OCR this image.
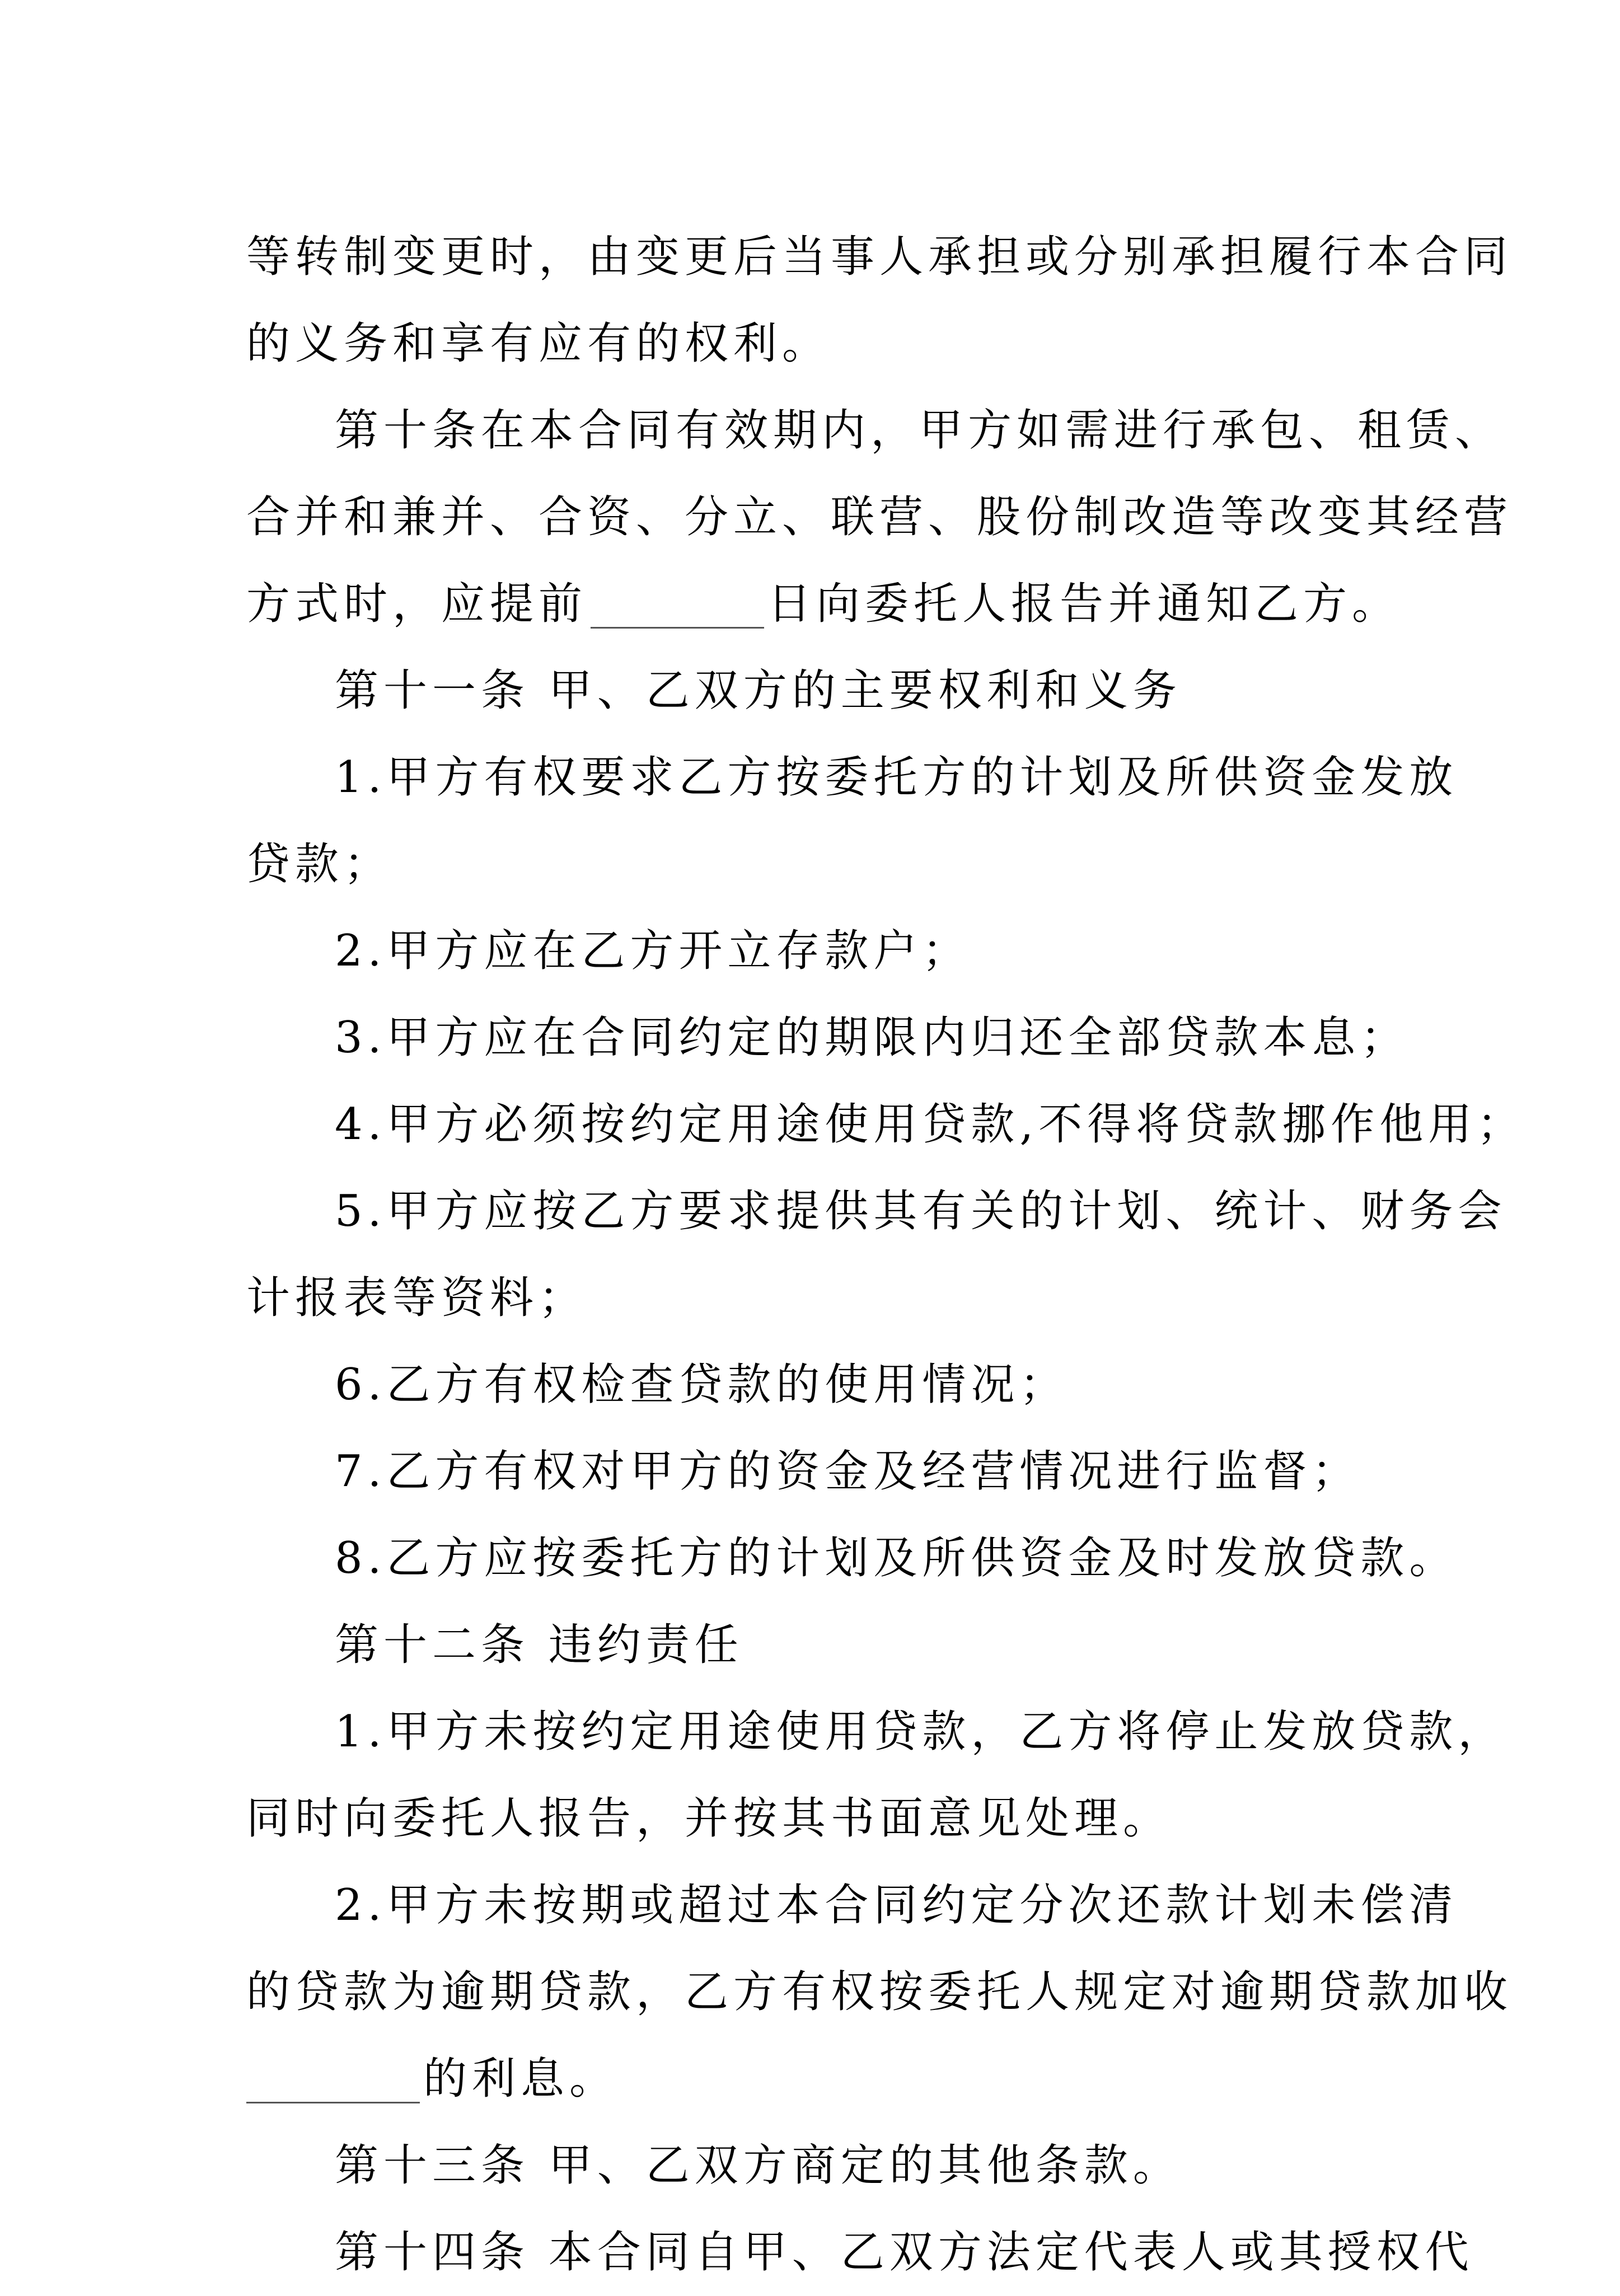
等转制变更时，由变更后当事人承担或分别承担履行本合同
的义务和享有应有的权利。
第十条在本合同有效期内，甲方如需进行承包、租赁、
合并和兼并、合资、分立、联营、股份制改造等改变其经营
方式时，应提前	日向委托人报告并通知乙方。
第十一条 甲、乙双方的主要权利和义务
1.甲方有权要求乙方按委托方的计划及所供资金发放
贷款；
2.甲方应在乙方开立存款户；
3.甲方应在合同约定的期限内归还全部贷款本息；
4.甲方必须按约定用途使用贷款,不得将贷款挪作他用；
5.甲方应按乙方要求提供其有关的计划、统计、财务会
计报表等资料；
6.乙方有权检查贷款的使用情况；
7.乙方有权对甲方的资金及经营情况进行监督；
8.乙方应按委托方的计划及所供资金及时发放贷款。
第十二条 违约责任
1.甲方未按约定用途使用贷款，乙方将停止发放贷款，
同时向委托人报告，并按其书面意见处理。
2.甲方未按期或超过本合同约定分次还款计划未偿清
的贷款为逾期贷款，乙方有权按委托人规定对逾期贷款加收
的利息。
第十三条 甲、乙双方商定的其他条款。
第十四条 本合同自甲、乙双方法定代表人或其授权代
